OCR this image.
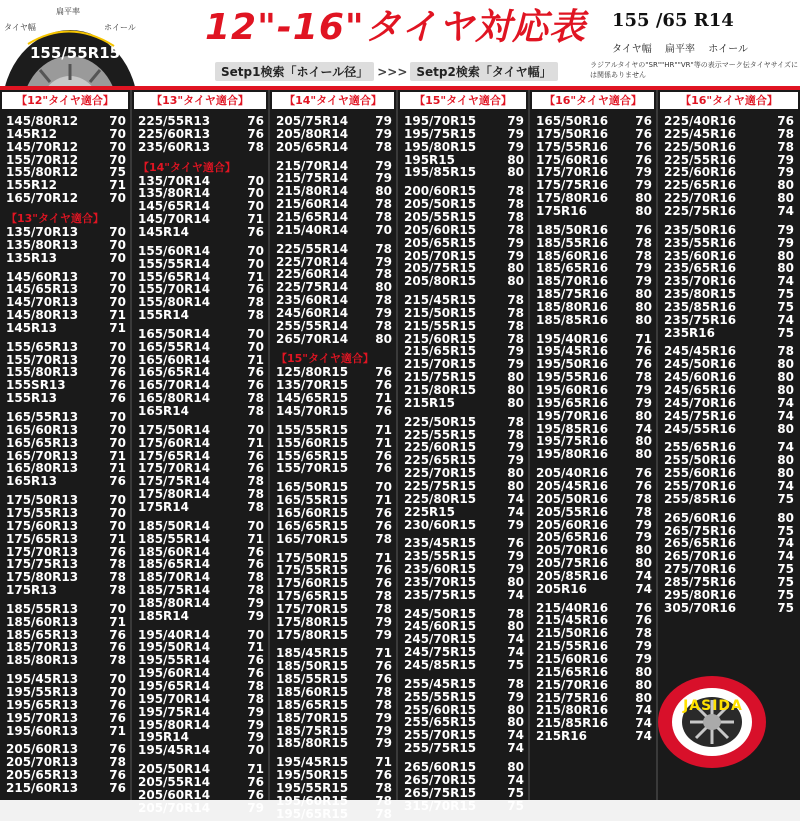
タイヤ幅
扁平率
ホイール
155/55R15
12"-16"タイヤ対応表	155 /65 R14
タイヤ幅 扁平率 ホイール
ラジアルタイヤの"SR""HR""VR"等の表示マーク伝タイヤサイズには関係ありません
Setp1検索「ホイール径」 >>> Setp2検索「タイヤ幅」
【12"タイヤ適合】
145/80R12	70
145R12	70
145/70R12	70
155/70R12	70
155/80R12	75
155R12	71
165/70R12	70
【13"タイヤ適合】
135/70R13	70
135/80R13	70
135R13	70
145/60R13	70
145/65R13	70
145/70R13	70
145/80R13	71
145R13	71
155/65R13	70
155/70R13	70
155/80R13	76
155SR13	76
155R13	76
165/55R13	70
165/60R13	70
165/65R13	70
165/70R13	71
165/80R13	71
165R13	76
175/50R13	70
175/55R13	70
175/60R13	70
175/65R13	71
175/70R13	76
175/75R13	78
175/80R13	78
175R13	78
185/55R13	70
185/60R13	71
185/65R13	76
185/70R13	76
185/80R13	78
195/45R13	70
195/55R13	70
195/65R13	76
195/70R13	76
195/60R13	71
205/60R13	76
205/70R13	78
205/65R13	76
215/60R13	76
【13"タイヤ適合】
225/55R13	76
225/60R13	76
235/60R13	78
【14"タイヤ適合】
135/70R14	70
135/80R14	70
145/65R14	70
145/70R14	71
145R14	76
155/60R14	70
155/55R14	70
155/65R14	71
155/70R14	76
155/80R14	78
155R14	78
165/50R14	70
165/55R14	70
165/60R14	71
165/65R14	76
165/70R14	76
165/80R14	78
165R14	78
175/50R14	70
175/60R14	71
175/65R14	76
175/70R14	76
175/75R14	78
175/80R14	78
175R14	78
185/50R14	70
185/55R14	71
185/60R14	76
185/65R14	76
185/70R14	78
185/75R14	78
185/80R14	79
185R14	79
195/40R14	70
195/50R14	71
195/55R14	76
195/60R14	76
195/65R14	78
195/70R14	78
195/75R14	79
195/80R14	79
195R14	79
195/45R14	70
205/50R14	71
205/55R14	76
205/60R14	76
205/70R14	79
【14"タイヤ適合】
205/75R14 79
205/80R14 79
205/65R14 78
215/70R14 79
215/75R14 79
215/80R14 80
215/60R14 78
215/65R14 78
215/40R14 70
225/55R14 78
225/70R14 79
225/60R14 78
225/75R14 80
235/60R14 78
245/60R14 79
255/55R14 78
265/70R14 80
【15"タイヤ適合】
125/80R15 76
135/70R15 76
145/65R15 71
145/70R15 76
155/55R15 71
155/60R15 71
155/65R15 76
155/70R15 76
165/50R15 70
165/55R15 71
165/60R15 76
165/65R15 76
165/70R15 78
175/50R15 71
175/55R15 76
175/60R15 76
175/65R15 78
175/70R15 78
175/80R15 79
175/80R15 79
185/45R15 71
185/50R15 76
185/55R15 76
185/60R15 78
185/65R15 78
185/70R15 79
185/75R15 79
185/80R15 79
195/45R15 71
195/50R15 76
195/55R15 78
195/60R15 78
195/65R15 78
【15"タイヤ適合】
195/70R15	79
195/75R15	79
195/80R15	79
195R15	80
195/85R15	80
200/60R15	78
205/50R15	78
205/55R15	78
205/60R15	78
205/65R15	79
205/70R15	79
205/75R15	80
205/80R15	80
215/45R15	78
215/50R15	78
215/55R15	78
215/60R15	78
215/65R15	79
215/70R15	79
215/75R15	80
215/80R15	80
215R15	80
225/50R15	78
225/55R15	78
225/60R15	79
225/65R15	79
225/70R15	80
225/75R15	80
225/80R15	74
225R15	74
230/60R15	79
235/45R15	76
235/55R15	79
235/60R15	79
235/70R15	80
235/75R15	74
245/50R15	78
245/60R15	80
245/70R15	74
245/75R15	74
245/85R15	75
255/45R15	78
255/55R15	79
255/60R15	80
255/65R15	80
255/70R15	74
255/75R15	74
265/60R15	80
265/70R15	74
265/75R15	75
315/70R15	75
【16"タイヤ適合】
165/50R16 76
175/50R16 76
175/55R16 76
175/60R16 76
175/70R16 79
175/75R16 79
175/80R16 80
175R16	80
185/50R16 76
185/55R16 78
185/60R16 78
185/65R16 79
185/70R16 79
185/75R16 80
185/80R16 80
185/85R16 80
195/40R16 71
195/45R16 76
195/50R16 76
195/55R16 78
195/60R16 79
195/65R16 79
195/70R16 80
195/85R16 74
195/75R16 80
195/80R16 80
205/40R16 76
205/45R16 76
205/50R16 78
205/55R16 78
205/60R16 79
205/65R16 79
205/70R16 80
205/75R16 80
205/85R16 74
205R16	74
215/40R16 76
215/45R16 76
215/50R16 78
215/55R16 79
215/60R16 79
215/65R16 80
215/70R16 80
215/75R16 80
215/80R16 74
215/85R16 74
215R16	74
【16"タイヤ適合】
225/40R16	76
225/45R16	78
225/50R16	78
225/55R16	79
225/60R16	79
225/65R16	80
225/70R16	80
225/75R16	74
235/50R16	79
235/55R16	79
235/60R16	80
235/65R16	80
235/70R16	74
235/80R15	75
235/85R16	75
235/75R16	74
235R16	75
245/45R16	78
245/50R16	80
245/60R16	80
245/65R16	80
245/70R16	74
245/75R16	74
245/55R16	80
255/65R16	74
255/50R16	80
255/60R16	80
255/70R16	74
255/85R16	75
265/60R16	80
265/75R16	75
265/65R16	74
265/70R16	74
275/70R16	75
285/75R16	75
295/80R16	75
305/70R16	75
JASIDA
